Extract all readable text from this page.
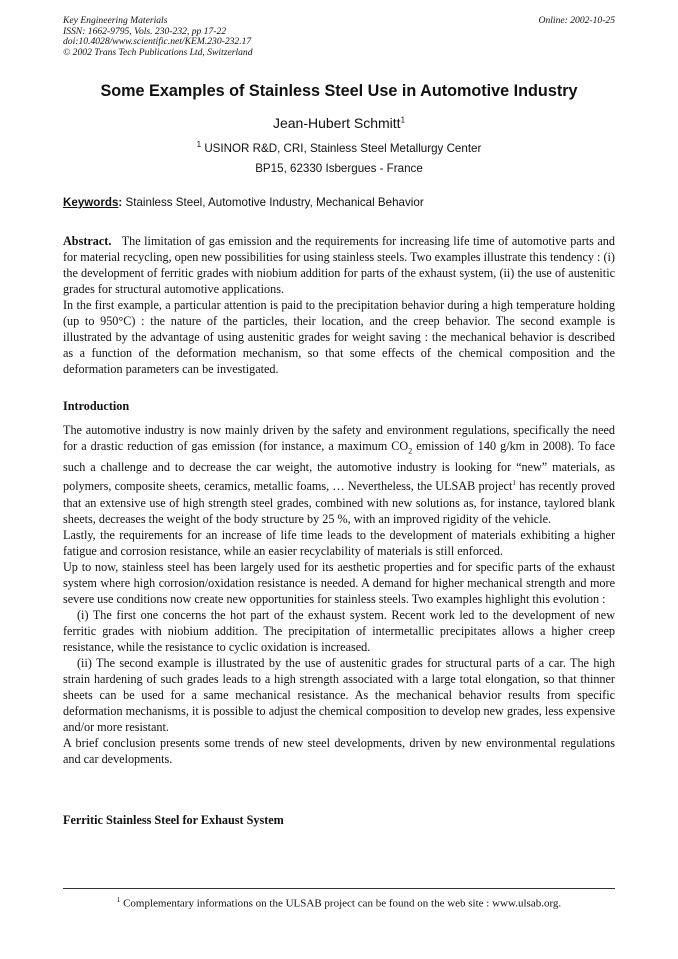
Key Engineering Materials
ISSN: 1662-9795, Vols. 230-232, pp 17-22
doi:10.4028/www.scientific.net/KEM.230-232.17
© 2002 Trans Tech Publications Ltd, Switzerland
Online: 2002-10-25
Some Examples of Stainless Steel Use in Automotive Industry
Jean-Hubert Schmitt$^1$
$^1$ USINOR R&D, CRI, Stainless Steel Metallurgy Center
BP15, 62330 Isbergues - France
Keywords: Stainless Steel, Automotive Industry, Mechanical Behavior

Abstract. The limitation of gas emission and the requirements for increasing life time of automotive parts and for material recycling, open new possibilities for using stainless steels. Two examples illustrate this tendency : (i) the development of ferritic grades with niobium addition for parts of the exhaust system, (ii) the use of austenitic grades for structural automotive applications.

In the first example, a particular attention is paid to the precipitation behavior during a high temperature holding (up to 950°C) : the nature of the particles, their location, and the creep behavior. The second example is illustrated by the advantage of using austenitic grades for weight saving : the mechanical behavior is described as a function of the deformation mechanism, so that some effects of the chemical composition and the deformation parameters can be investigated.

Introduction

The automotive industry is now mainly driven by the safety and environment regulations, specifically the need for a drastic reduction of gas emission (for instance, a maximum $CO_2$ emission of 140 g/km in 2008). To face such a challenge and to decrease the car weight, the automotive industry is looking for “new” materials, as polymers, composite sheets, ceramics, metallic foams, … Nevertheless, the ULSAB project$^1$ has recently proved that an extensive use of high strength steel grades, combined with new solutions as, for instance, taylored blank sheets, decreases the weight of the body structure by 25 %, with an improved rigidity of the vehicle.

Lastly, the requirements for an increase of life time leads to the development of materials exhibiting a higher fatigue and corrosion resistance, while an easier recyclability of materials is still enforced.

Up to now, stainless steel has been largely used for its aesthetic properties and for specific parts of the exhaust system where high corrosion/oxidation resistance is needed. A demand for higher mechanical strength and more severe use conditions now create new opportunities for stainless steels. Two examples highlight this evolution :

(i) The first one concerns the hot part of the exhaust system. Recent work led to the development of new ferritic grades with niobium addition. The precipitation of intermetallic precipitates allows a higher creep resistance, while the resistance to cyclic oxidation is increased.

(ii) The second example is illustrated by the use of austenitic grades for structural parts of a car. The high strain hardening of such grades leads to a high strength associated with a large total elongation, so that thinner sheets can be used for a same mechanical resistance. As the mechanical behavior results from specific deformation mechanisms, it is possible to adjust the chemical composition to develop new grades, less expensive and/or more resistant.

A brief conclusion presents some trends of new steel developments, driven by new environmental regulations and car developments.

Ferritic Stainless Steel for Exhaust System
$^1$ Complementary informations on the ULSAB project can be found on the web site : www.ulsab.org.
